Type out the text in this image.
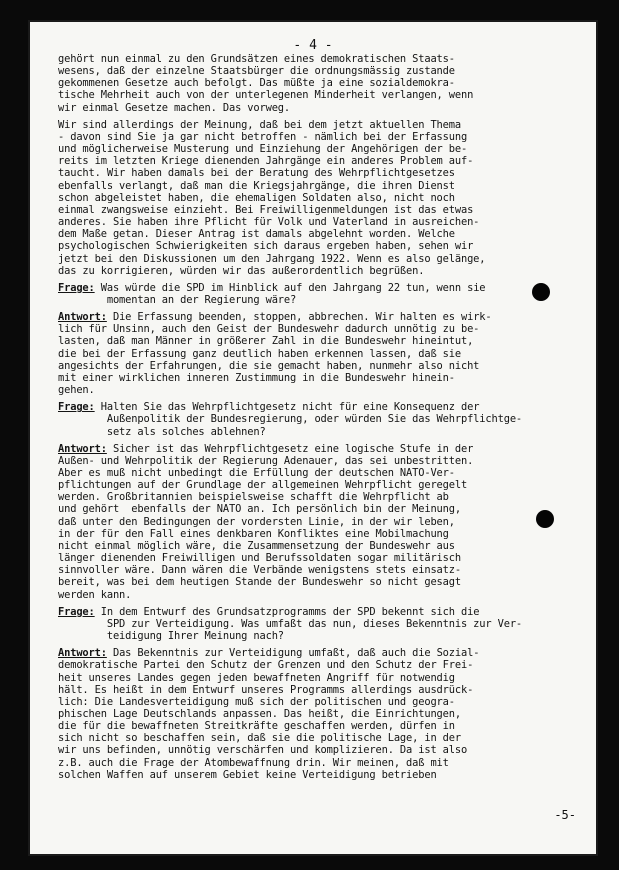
- 4 -
gehört nun einmal zu den Grundsätzen eines demokratischen Staats-
wesens, daß der einzelne Staatsbürger die ordnungsmässig zustande
gekommenen Gesetze auch befolgt. Das müßte ja eine sozialdemokra-
tische Mehrheit auch von der unterlegenen Minderheit verlangen, wenn
wir einmal Gesetze machen. Das vorweg.
Wir sind allerdings der Meinung, daß bei dem jetzt aktuellen Thema
- davon sind Sie ja gar nicht betroffen - nämlich bei der Erfassung
und möglicherweise Musterung und Einziehung der Angehörigen der be-
reits im letzten Kriege dienenden Jahrgänge ein anderes Problem auf-
taucht. Wir haben damals bei der Beratung des Wehrpflichtgesetzes
ebenfalls verlangt, daß man die Kriegsjahrgänge, die ihren Dienst
schon abgeleistet haben, die ehemaligen Soldaten also, nicht noch
einmal zwangsweise einzieht. Bei Freiwilligenmeldungen ist das etwas
anderes. Sie haben ihre Pflicht für Volk und Vaterland in ausreichen-
dem Maße getan. Dieser Antrag ist damals abgelehnt worden. Welche
psychologischen Schwierigkeiten sich daraus ergeben haben, sehen wir
jetzt bei den Diskussionen um den Jahrgang 1922. Wenn es also gelänge,
das zu korrigieren, würden wir das außerordentlich begrüßen.
Frage: Was würde die SPD im Hinblick auf den Jahrgang 22 tun, wenn sie
momentan an der Regierung wäre?
Antwort: Die Erfassung beenden, stoppen, abbrechen. Wir halten es wirk-
lich für Unsinn, auch den Geist der Bundeswehr dadurch unnötig zu be-
lasten, daß man Männer in größerer Zahl in die Bundeswehr hineintut,
die bei der Erfassung ganz deutlich haben erkennen lassen, daß sie
angesichts der Erfahrungen, die sie gemacht haben, nunmehr also nicht
mit einer wirklichen inneren Zustimmung in die Bundeswehr hinein-
gehen.
Frage: Halten Sie das Wehrpflichtgesetz nicht für eine Konsequenz der
Außenpolitik der Bundesregierung, oder würden Sie das Wehrpflichtge-
setz als solches ablehnen?
Antwort: Sicher ist das Wehrpflichtgesetz eine logische Stufe in der
Außen- und Wehrpolitik der Regierung Adenauer, das sei unbestritten.
Aber es muß nicht unbedingt die Erfüllung der deutschen NATO-Ver-
pflichtungen auf der Grundlage der allgemeinen Wehrpflicht geregelt
werden. Großbritannien beispielsweise schafft die Wehrpflicht ab
und gehört  ebenfalls der NATO an. Ich persönlich bin der Meinung,
daß unter den Bedingungen der vordersten Linie, in der wir leben,
in der für den Fall eines denkbaren Konfliktes eine Mobilmachung
nicht einmal möglich wäre, die Zusammensetzung der Bundeswehr aus
länger dienenden Freiwilligen und Berufssoldaten sogar militärisch
sinnvoller wäre. Dann wären die Verbände wenigstens stets einsatz-
bereit, was bei dem heutigen Stande der Bundeswehr so nicht gesagt
werden kann.
Frage: In dem Entwurf des Grundsatzprogramms der SPD bekennt sich die
SPD zur Verteidigung. Was umfaßt das nun, dieses Bekenntnis zur Ver-
teidigung Ihrer Meinung nach?
Antwort: Das Bekenntnis zur Verteidigung umfaßt, daß auch die Sozial-
demokratische Partei den Schutz der Grenzen und den Schutz der Frei-
heit unseres Landes gegen jeden bewaffneten Angriff für notwendig
hält. Es heißt in dem Entwurf unseres Programms allerdings ausdrück-
lich: Die Landesverteidigung muß sich der politischen und geogra-
phischen Lage Deutschlands anpassen. Das heißt, die Einrichtungen,
die für die bewaffneten Streitkräfte geschaffen werden, dürfen in
sich nicht so beschaffen sein, daß sie die politische Lage, in der
wir uns befinden, unnötig verschärfen und komplizieren. Da ist also
z.B. auch die Frage der Atombewaffnung drin. Wir meinen, daß mit
solchen Waffen auf unserem Gebiet keine Verteidigung betrieben
-5-
